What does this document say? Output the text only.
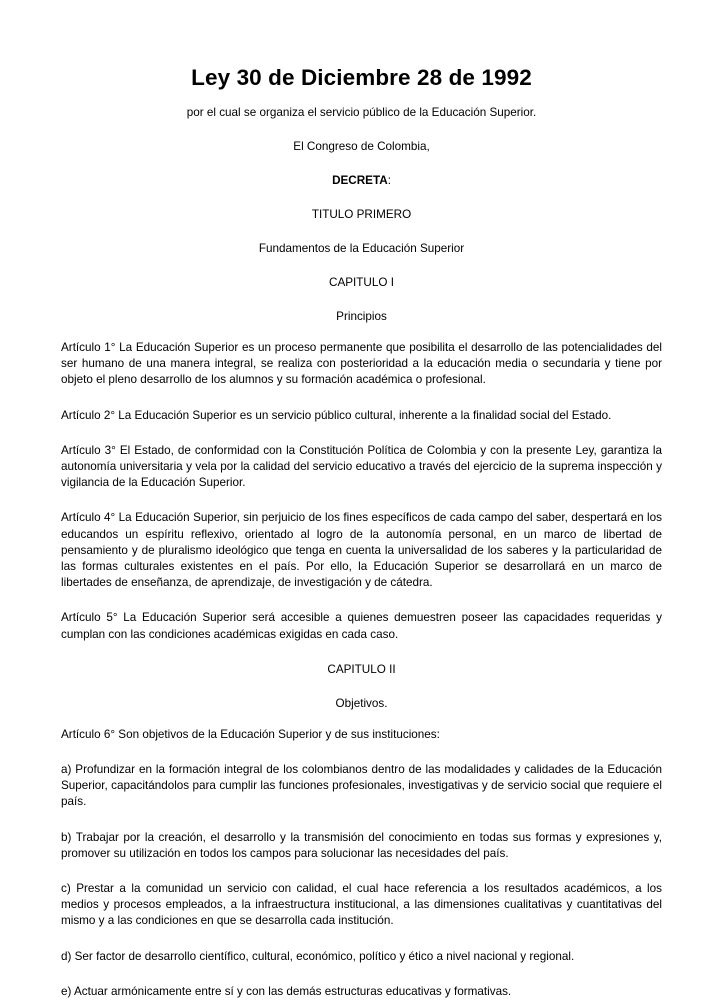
Ley 30 de Diciembre 28 de 1992

por el cual se organiza el servicio público de la Educación Superior.

El Congreso de Colombia,

DECRETA:

TITULO PRIMERO

Fundamentos de la Educación Superior

CAPITULO I

Principios

Artículo 1° La Educación Superior es un proceso permanente que posibilita el desarrollo de las potencialidades del ser humano de una manera integral, se realiza con posterioridad a la educación media o secundaria y tiene por objeto el pleno desarrollo de los alumnos y su formación académica o profesional.

Artículo 2° La Educación Superior es un servicio público cultural, inherente a la finalidad social del Estado.

Artículo 3° El Estado, de conformidad con la Constitución Política de Colombia y con la presente Ley, garantiza la autonomía universitaria y vela por la calidad del servicio educativo a través del ejercicio de la suprema inspección y vigilancia de la Educación Superior.

Artículo 4° La Educación Superior, sin perjuicio de los fines específicos de cada campo del saber, despertará en los educandos un espíritu reflexivo, orientado al logro de la autonomía personal, en un marco de libertad de pensamiento y de pluralismo ideológico que tenga en cuenta la universalidad de los saberes y la particularidad de las formas culturales existentes en el país. Por ello, la Educación Superior se desarrollará en un marco de libertades de enseñanza, de aprendizaje, de investigación y de cátedra.

Artículo 5° La Educación Superior será accesible a quienes demuestren poseer las capacidades requeridas y cumplan con las condiciones académicas exigidas en cada caso.

CAPITULO II

Objetivos.

Artículo 6° Son objetivos de la Educación Superior y de sus instituciones:

a) Profundizar en la formación integral de los colombianos dentro de las modalidades y calidades de la Educación Superior, capacitándolos para cumplir las funciones profesionales, investigativas y de servicio social que requiere el país.

b) Trabajar por la creación, el desarrollo y la transmisión del conocimiento en todas sus formas y expresiones y, promover su utilización en todos los campos para solucionar las necesidades del país.

c) Prestar a la comunidad un servicio con calidad, el cual hace referencia a los resultados académicos, a los medios y procesos empleados, a la infraestructura institucional, a las dimensiones cualitativas y cuantitativas del mismo y a las condiciones en que se desarrolla cada institución.

d) Ser factor de desarrollo científico, cultural, económico, político y ético a nivel nacional y regional.

e) Actuar armónicamente entre sí y con las demás estructuras educativas y formativas.
